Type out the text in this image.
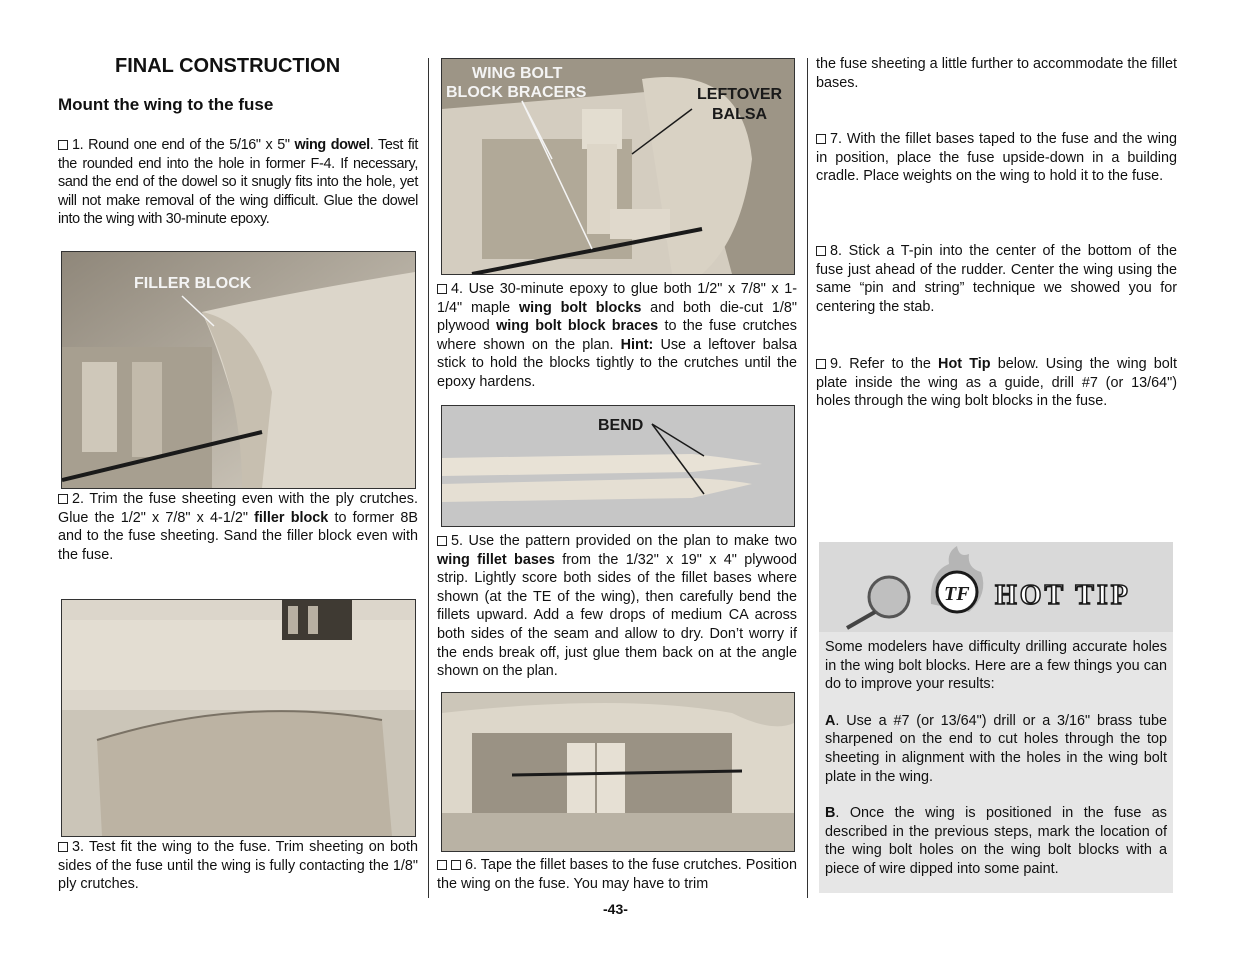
FINAL CONSTRUCTION
Mount the wing to the fuse
1. Round one end of the 5/16" x 5" wing dowel. Test fit the rounded end into the hole in former F-4. If necessary, sand the end of the dowel so it snugly fits into the hole, yet will not make removal of the wing difficult. Glue the dowel into the wing with 30-minute epoxy.
FILLER BLOCK
2. Trim the fuse sheeting even with the ply crutches. Glue the 1/2" x 7/8" x 4-1/2" filler block to former 8B and to the fuse sheeting. Sand the filler block even with the fuse.
3. Test fit the wing to the fuse. Trim sheeting on both sides of the fuse until the wing is fully contacting the 1/8" ply crutches.
WING BOLT
BLOCK BRACERS	LEFTOVER
BALSA
4. Use 30-minute epoxy to glue both 1/2" x 7/8" x 1-1/4" maple wing bolt blocks and both die-cut 1/8" plywood wing bolt block braces to the fuse crutches where shown on the plan. Hint: Use a leftover balsa stick to hold the blocks tightly to the crutches until the epoxy hardens.
BEND
5. Use the pattern provided on the plan to make two wing fillet bases from the 1/32" x 19" x 4" plywood strip. Lightly score both sides of the fillet bases where shown (at the TE of the wing), then carefully bend the fillets upward. Add a few drops of medium CA across both sides of the seam and allow to dry. Don’t worry if the ends break off, just glue them back on at the angle shown on the plan.
6. Tape the fillet bases to the fuse crutches. Position the wing on the fuse. You may have to trim
the fuse sheeting a little further to accommodate the fillet bases.
7. With the fillet bases taped to the fuse and the wing in position, place the fuse upside-down in a building cradle. Place weights on the wing to hold it to the fuse.
8. Stick a T-pin into the center of the bottom of the fuse just ahead of the rudder. Center the wing using the same “pin and string” technique we showed you for centering the stab.
9. Refer to the Hot Tip below. Using the wing bolt plate inside the wing as a guide, drill #7 (or 13/64") holes through the wing bolt blocks in the fuse.
TF HOT TIP
Some modelers have difficulty drilling accurate holes in the wing bolt blocks. Here are a few things you can do to improve your results:
A. Use a #7 (or 13/64") drill or a 3/16" brass tube sharpened on the end to cut holes through the top sheeting in alignment with the holes in the wing bolt plate in the wing.
B. Once the wing is positioned in the fuse as described in the previous steps, mark the location of the wing bolt holes on the wing bolt blocks with a piece of wire dipped into some paint.
-43-
